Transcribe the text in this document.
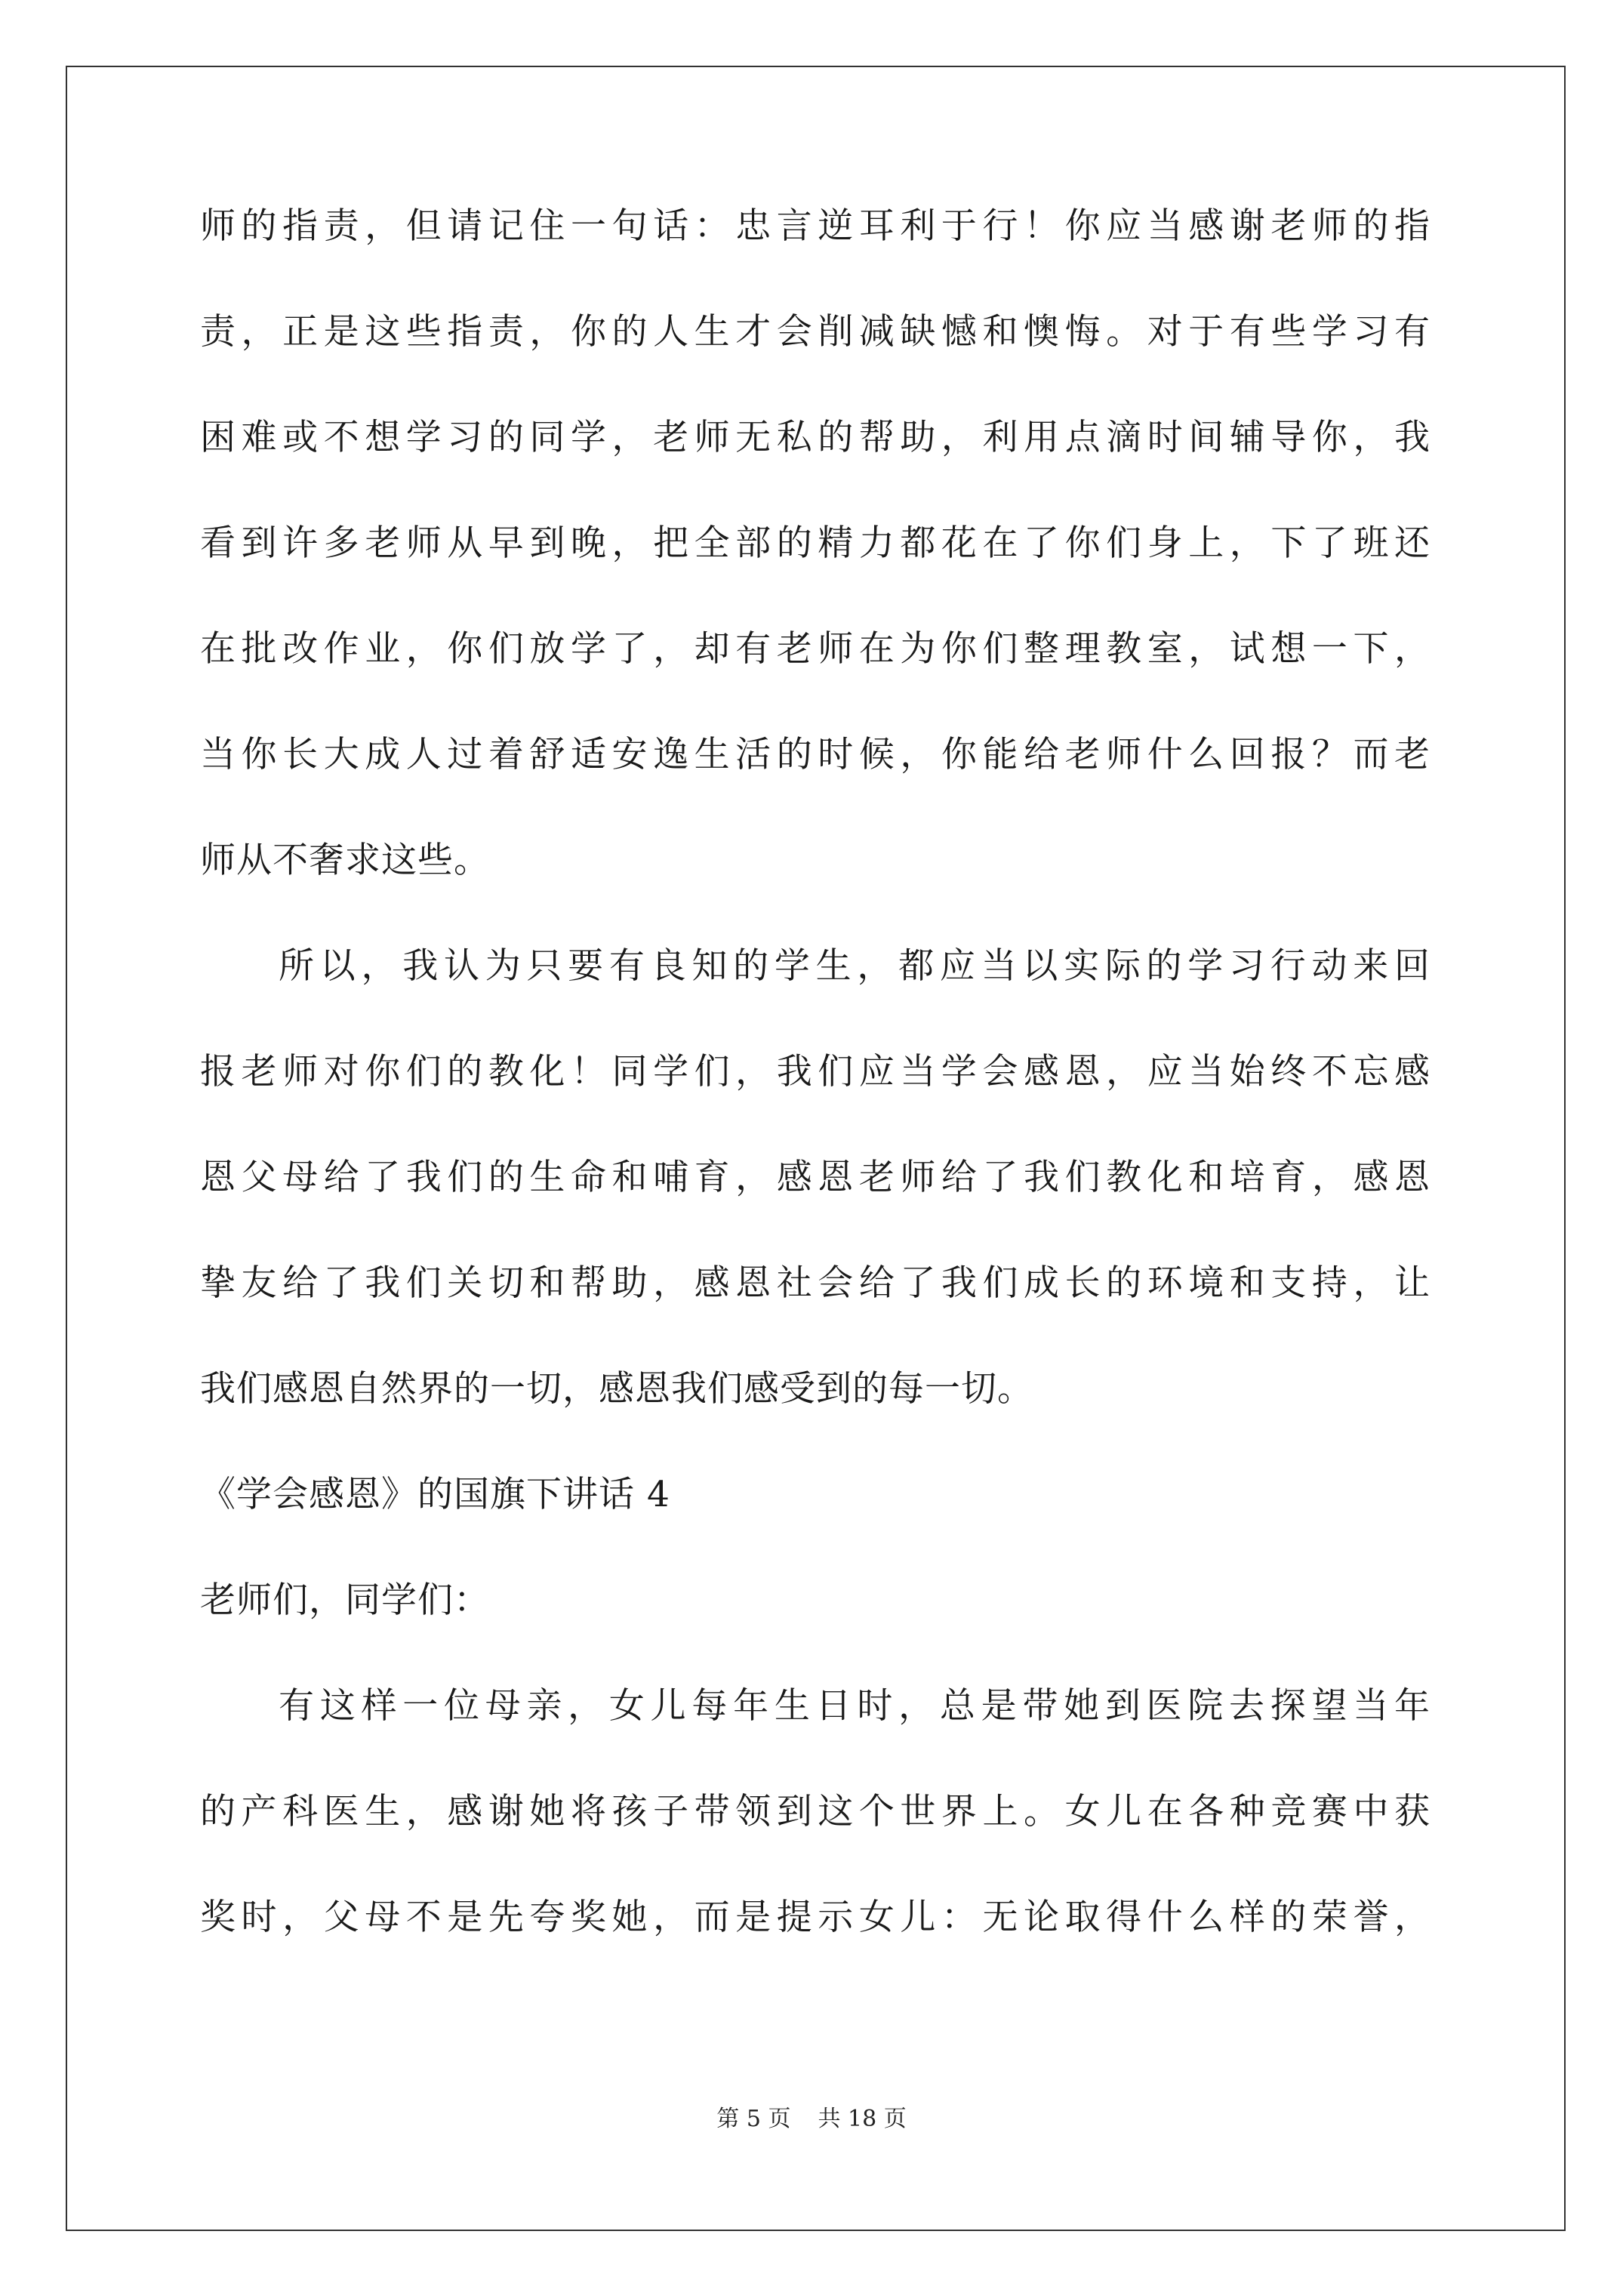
师的指责，但请记住一句话：忠言逆耳利于行！你应当感谢老师的指
责，正是这些指责，你的人生才会削减缺憾和懊悔。对于有些学习有
困难或不想学习的同学，老师无私的帮助，利用点滴时间辅导你，我
看到许多老师从早到晚，把全部的精力都花在了你们身上，下了班还
在批改作业，你们放学了，却有老师在为你们整理教室，试想一下，
当你长大成人过着舒适安逸生活的时候，你能给老师什么回报？而老
师从不奢求这些。
所以，我认为只要有良知的学生，都应当以实际的学习行动来回
报老师对你们的教化！同学们，我们应当学会感恩，应当始终不忘感
恩父母给了我们的生命和哺育，感恩老师给了我们教化和培育，感恩
挚友给了我们关切和帮助，感恩社会给了我们成长的环境和支持，让
我们感恩自然界的一切，感恩我们感受到的每一切。
《学会感恩》的国旗下讲话 4
老师们，同学们：
有这样一位母亲，女儿每年生日时，总是带她到医院去探望当年
的产科医生，感谢她将孩子带领到这个世界上。女儿在各种竞赛中获
奖时，父母不是先夸奖她，而是提示女儿：无论取得什么样的荣誉，
第 5 页 共 18 页
